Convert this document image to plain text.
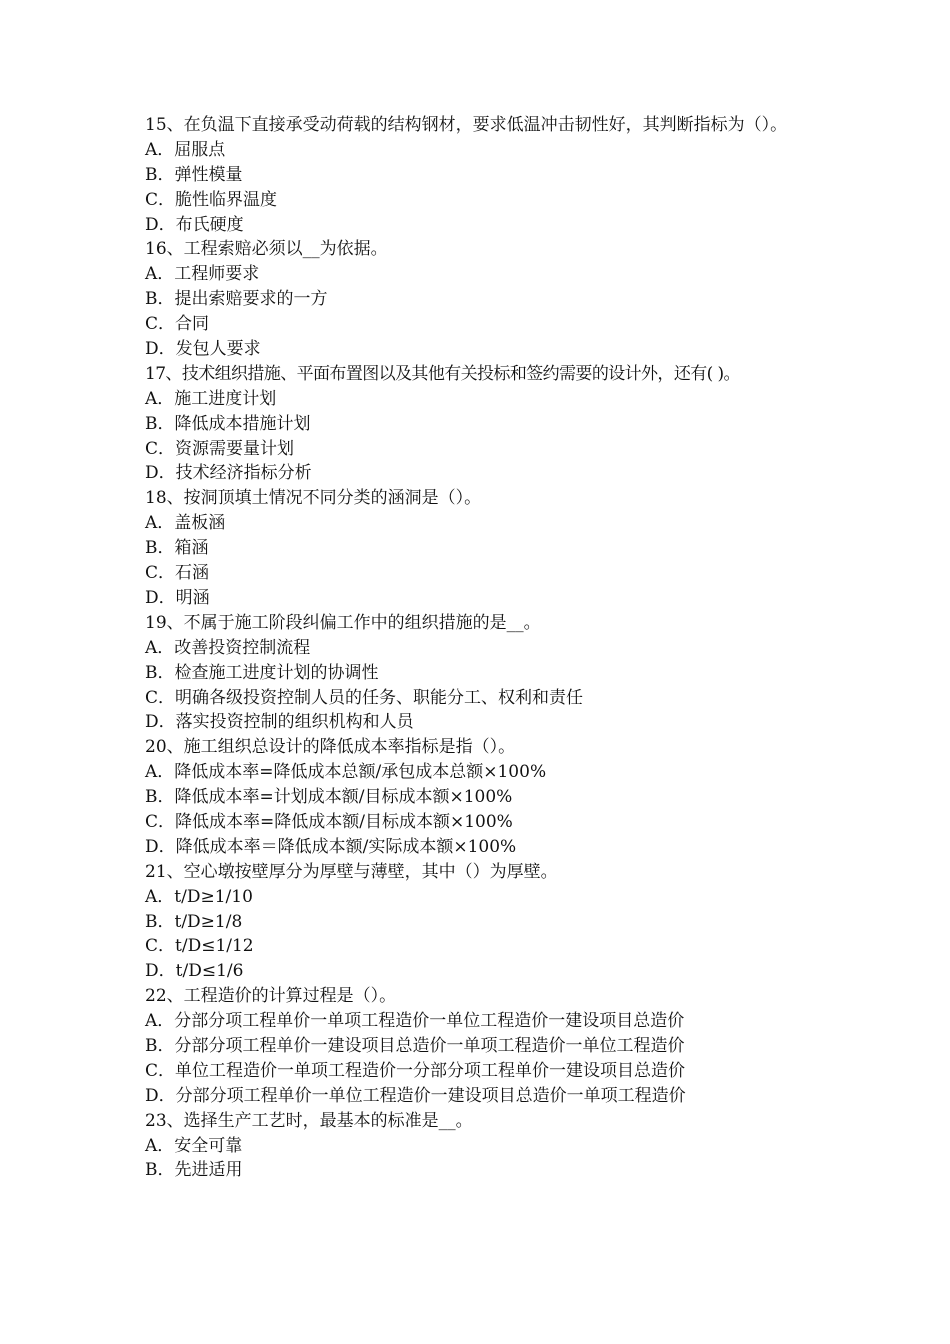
15、在负温下直接承受动荷载的结构钢材，要求低温冲击韧性好，其判断指标为（）。
A．屈服点
B．弹性模量
C．脆性临界温度
D．布氏硬度
16、工程索赔必须以__为依据。
A．工程师要求
B．提出索赔要求的一方
C．合同
D．发包人要求
17、技术组织措施、平面布置图以及其他有关投标和签约需要的设计外，还有( )。
A．施工进度计划
B．降低成本措施计划
C．资源需要量计划
D．技术经济指标分析
18、按洞顶填土情况不同分类的涵洞是（）。
A．盖板涵
B．箱涵
C．石涵
D．明涵
19、不属于施工阶段纠偏工作中的组织措施的是__。
A．改善投资控制流程
B．检查施工进度计划的协调性
C．明确各级投资控制人员的任务、职能分工、权利和责任
D．落实投资控制的组织机构和人员
20、施工组织总设计的降低成本率指标是指（）。
A．降低成本率=降低成本总额/承包成本总额×100%
B．降低成本率=计划成本额/目标成本额×100%
C．降低成本率=降低成本额/目标成本额×100%
D．降低成本率＝降低成本额/实际成本额×100%
21、空心墩按壁厚分为厚壁与薄壁，其中（）为厚壁。
A．t/D≥1/10
B．t/D≥1/8
C．t/D≤1/12
D．t/D≤1/6
22、工程造价的计算过程是（）。
A．分部分项工程单价一单项工程造价一单位工程造价一建设项目总造价
B．分部分项工程单价一建设项目总造价一单项工程造价一单位工程造价
C．单位工程造价一单项工程造价一分部分项工程单价一建设项目总造价
D．分部分项工程单价一单位工程造价一建设项目总造价一单项工程造价
23、选择生产工艺时，最基本的标准是__。
A．安全可靠
B．先进适用
